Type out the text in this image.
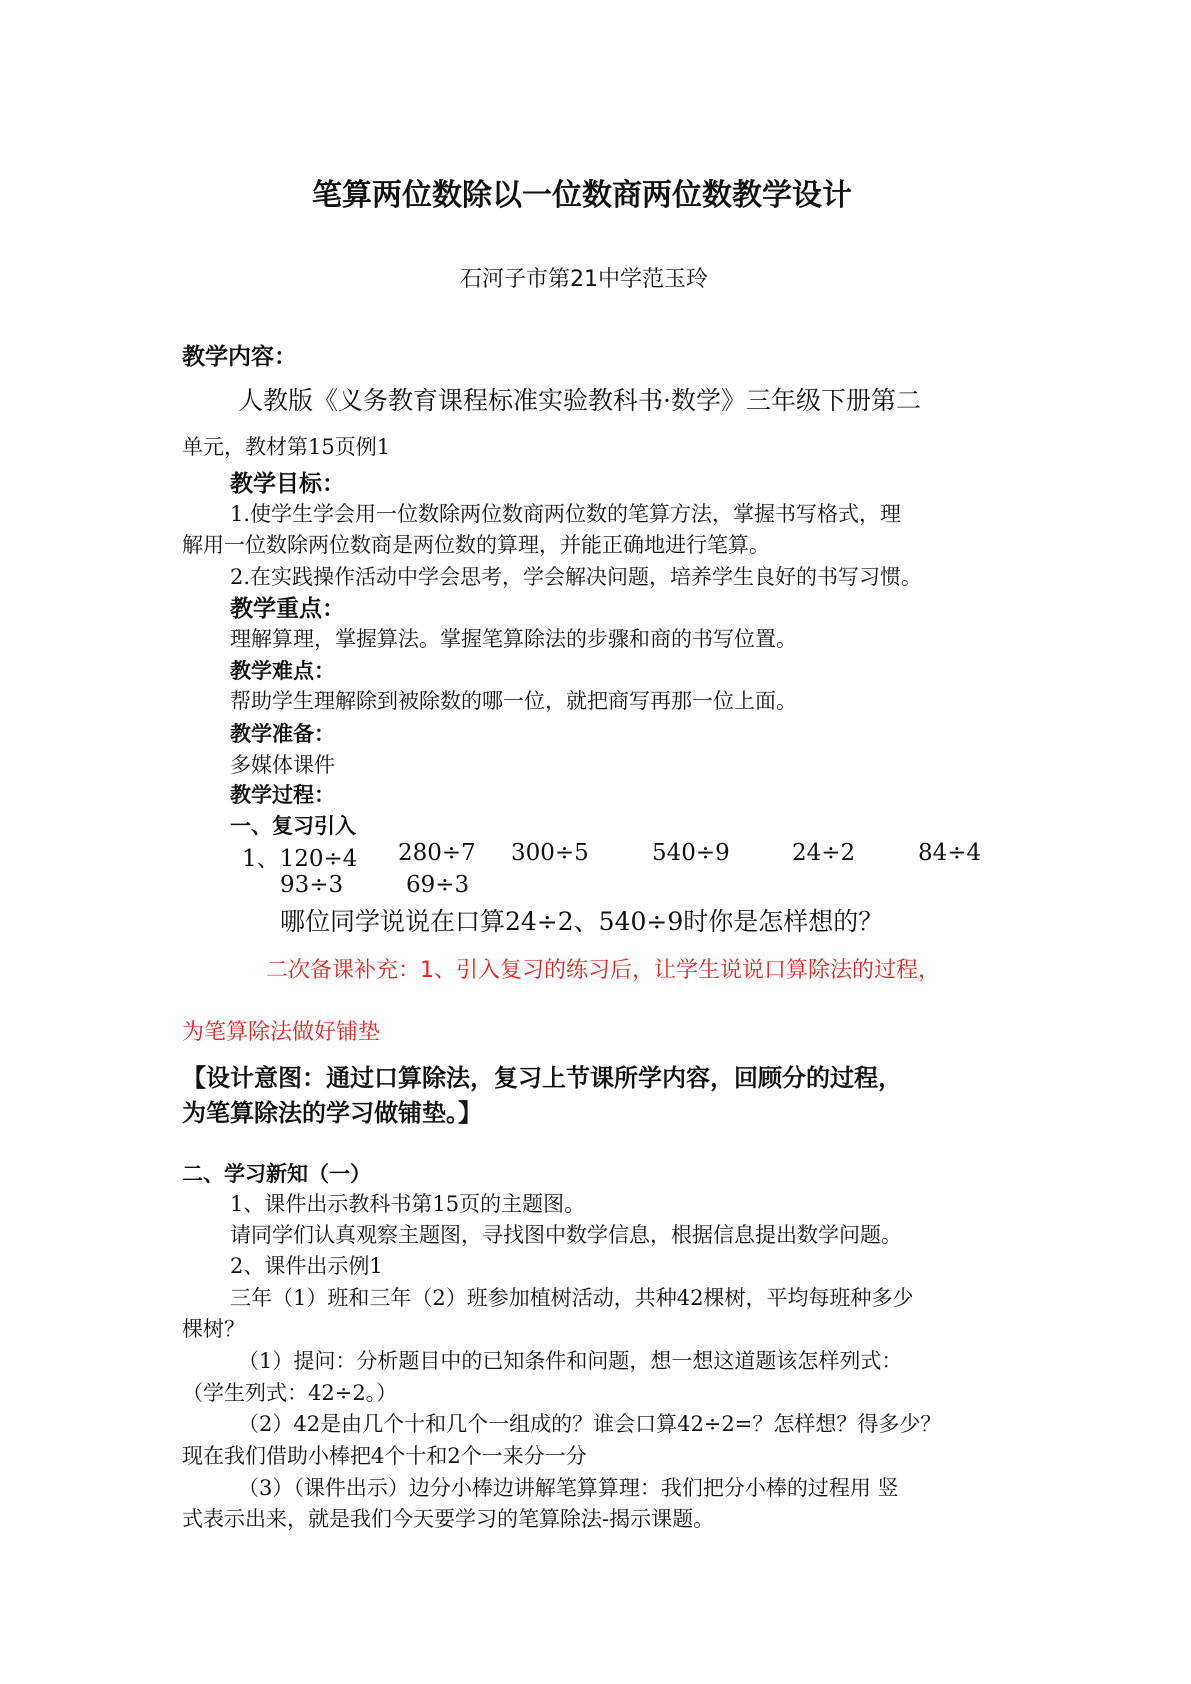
笔算两位数除以一位数商两位数教学设计
石河子市第21中学范玉玲
教学内容：
人教版《义务教育课程标准实验教科书·数学》三年级下册第二
单元，教材第15页例1
教学目标：
1.使学生学会用一位数除两位数商两位数的笔算方法，掌握书写格式，理
解用一位数除两位数商是两位数的算理，并能正确地进行笔算。
2.在实践操作活动中学会思考，学会解决问题，培养学生良好的书写习惯。
教学重点：
理解算理，掌握算法。掌握笔算除法的步骤和商的书写位置。
教学难点：
帮助学生理解除到被除数的哪一位，就把商写再那一位上面。
教学准备：
多媒体课件
教学过程：
一、复习引入
1、120÷4 280÷7 300÷5	540÷9	24÷2	84÷4
93÷3	69÷3
哪位同学说说在口算24÷2、540÷9时你是怎样想的？
二次备课补充：1、引入复习的练习后，让学生说说口算除法的过程，
为笔算除法做好铺垫
【设计意图：通过口算除法，复习上节课所学内容，回顾分的过程，
为笔算除法的学习做铺垫。】
二、学习新知（一）
1、课件出示教科书第15页的主题图。
请同学们认真观察主题图，寻找图中数学信息，根据信息提出数学问题。
2、课件出示例1
三年（1）班和三年（2）班参加植树活动，共种42棵树，平均每班种多少
棵树？
（1）提问：分析题目中的已知条件和问题，想一想这道题该怎样列式：
（学生列式：42÷2。）
（2）42是由几个十和几个一组成的？谁会口算42÷2=？怎样想？得多少？
现在我们借助小棒把4个十和2个一来分一分
（3）（课件出示）边分小棒边讲解笔算算理：我们把分小棒的过程用 竖
式表示出来，就是我们今天要学习的笔算除法-揭示课题。
